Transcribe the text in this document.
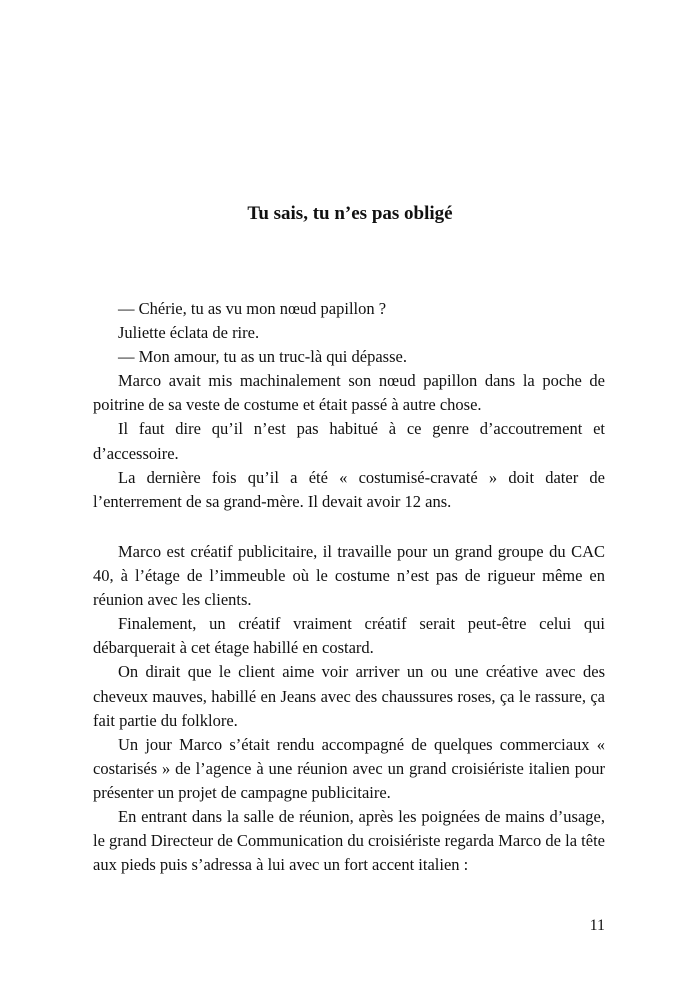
Tu sais, tu n’es pas obligé

— Chérie, tu as vu mon nœud papillon ?

Juliette éclata de rire.

— Mon amour, tu as un truc-là qui dépasse.

Marco avait mis machinalement son nœud papillon dans la poche de poitrine de sa veste de costume et était passé à autre chose.

Il faut dire qu’il n’est pas habitué à ce genre d’accoutrement et d’accessoire.

La dernière fois qu’il a été « costumisé-cravaté » doit dater de l’enterrement de sa grand-mère. Il devait avoir 12 ans.

Marco est créatif publicitaire, il travaille pour un grand groupe du CAC 40, à l’étage de l’immeuble où le costume n’est pas de rigueur même en réunion avec les clients.

Finalement, un créatif vraiment créatif serait peut-être celui qui débarquerait à cet étage habillé en costard.

On dirait que le client aime voir arriver un ou une créative avec des cheveux mauves, habillé en Jeans avec des chaussures roses, ça le rassure, ça fait partie du folklore.

Un jour Marco s’était rendu accompagné de quelques commerciaux « costarisés » de l’agence à une réunion avec un grand croisiériste italien pour présenter un projet de campagne publicitaire.

En entrant dans la salle de réunion, après les poignées de mains d’usage, le grand Directeur de Communication du croisiériste regarda Marco de la tête aux pieds puis s’adressa à lui avec un fort accent italien :

11
